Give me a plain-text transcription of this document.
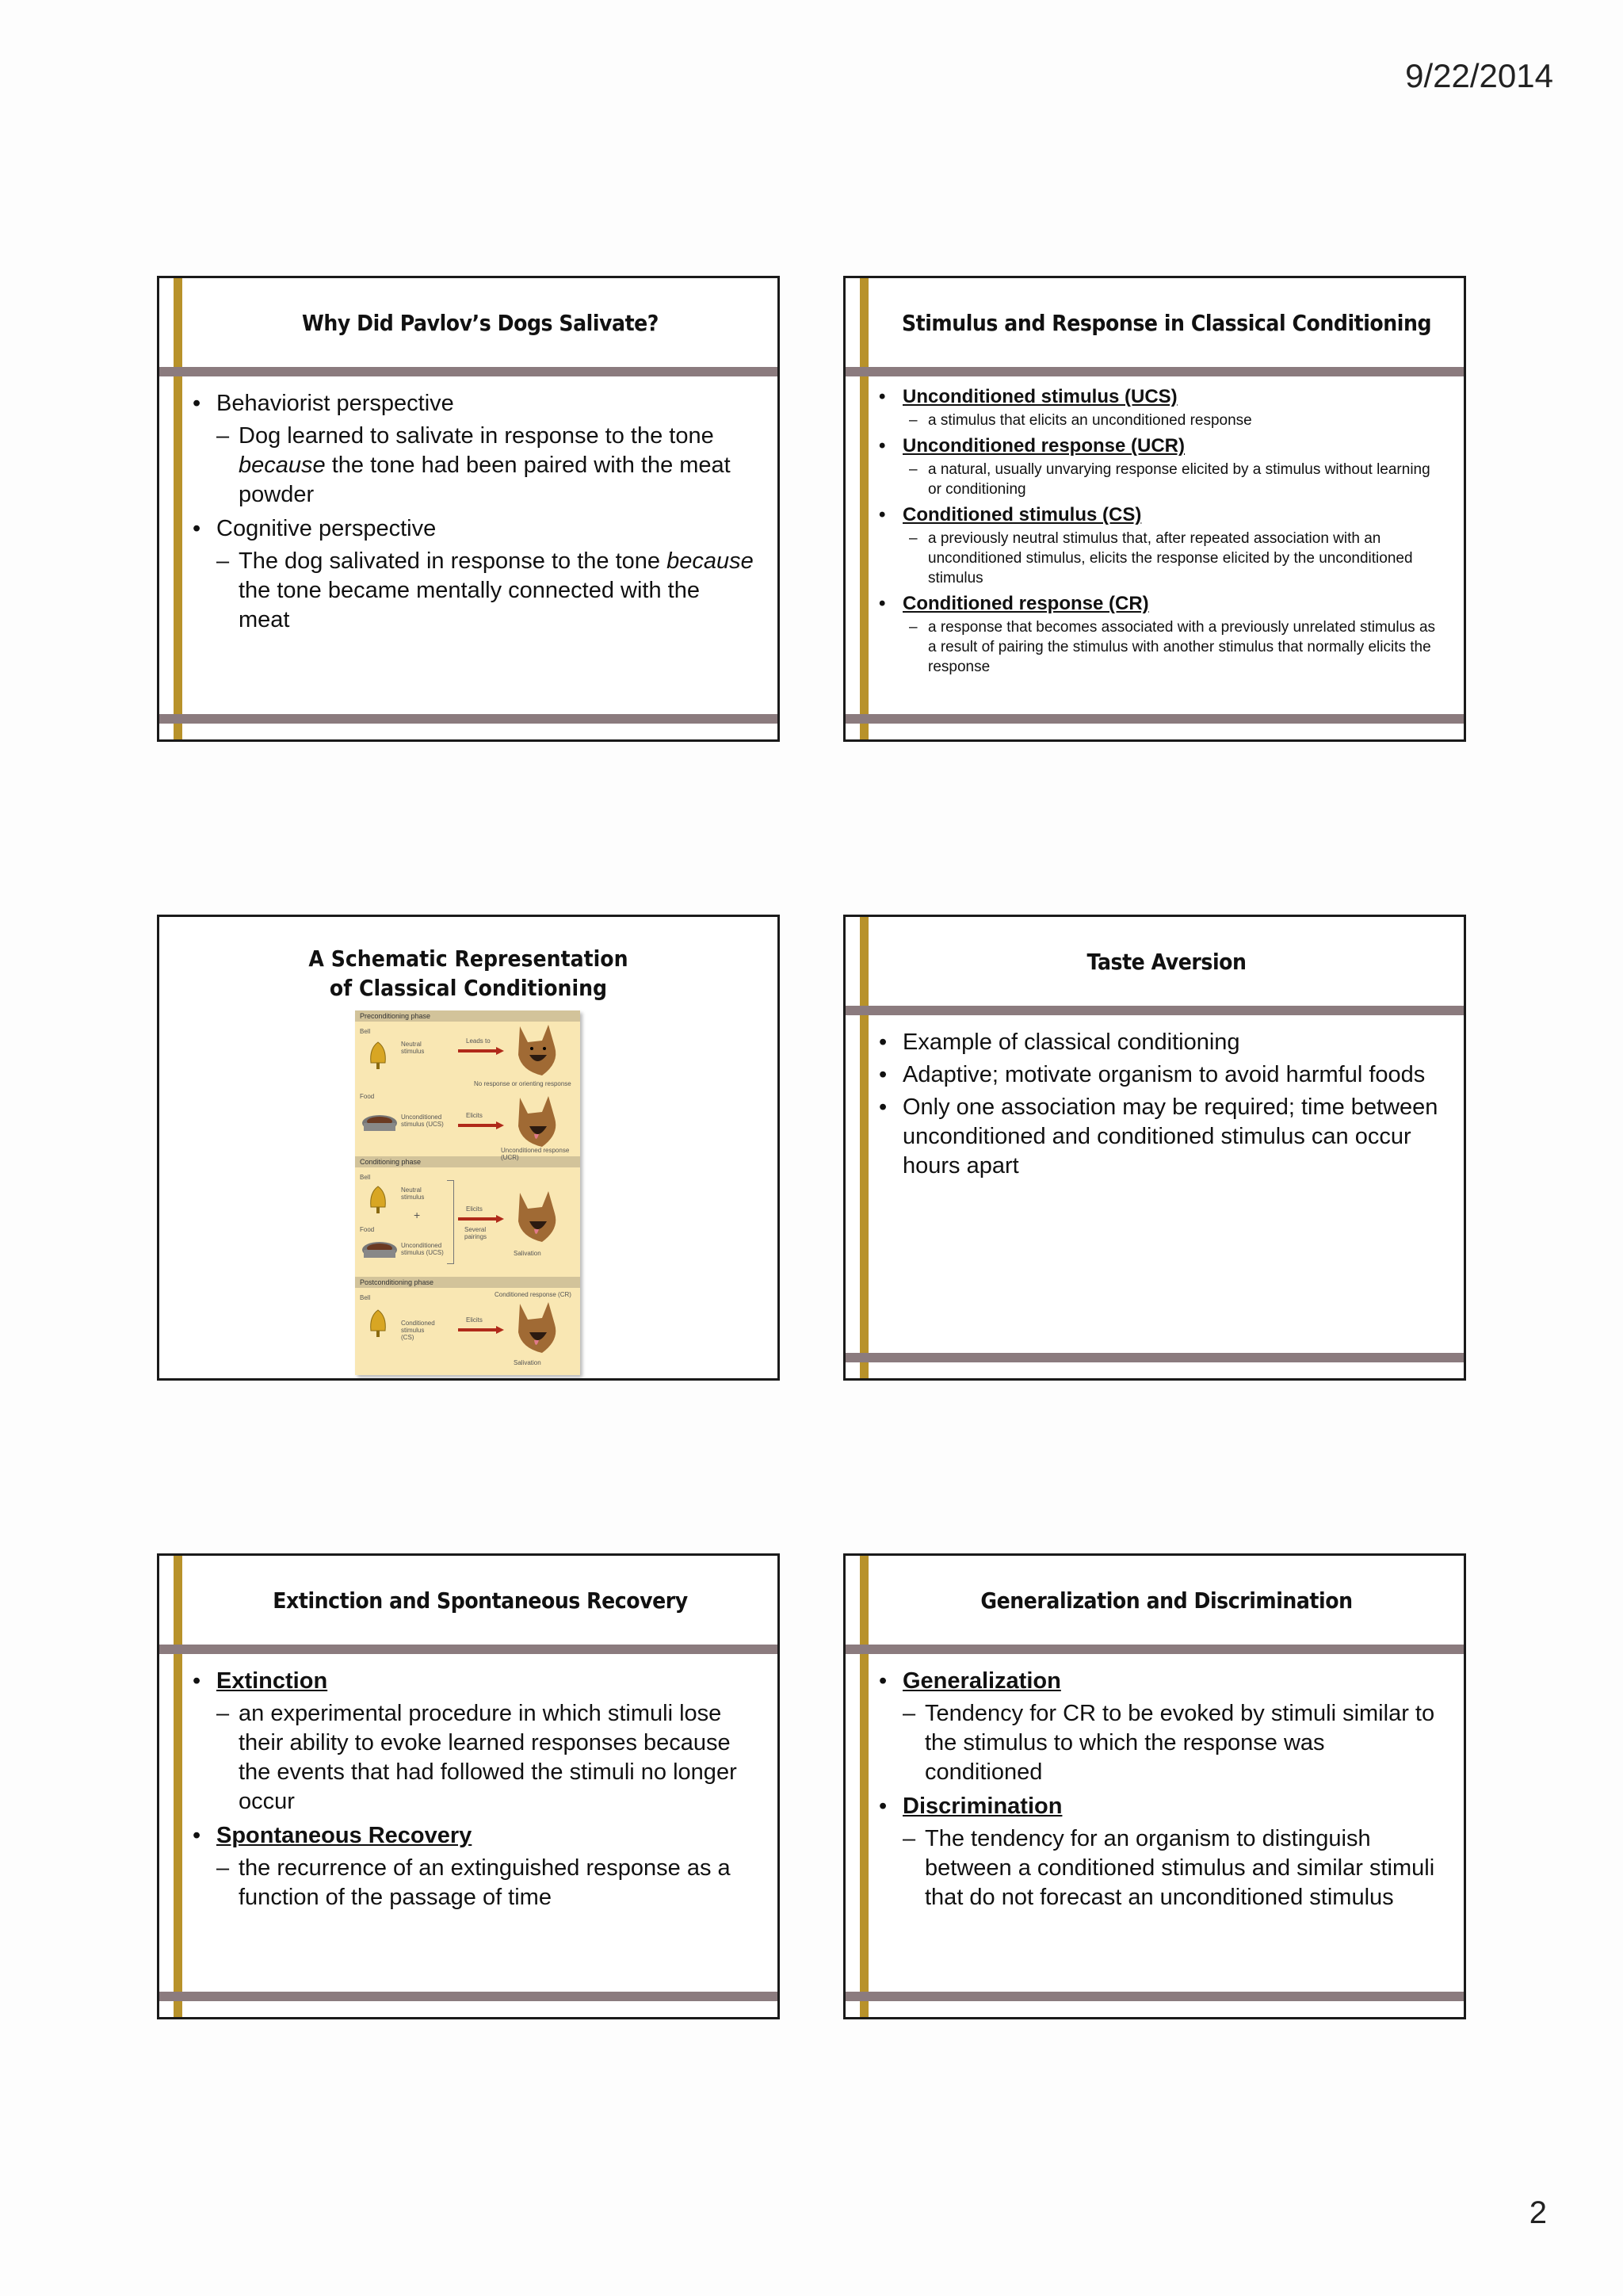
9/22/2014
Why Did Pavlov’s Dogs Salivate?
• Behaviorist perspective
– Dog learned to salivate in response to the tone because the tone had been paired with the meat powder
• Cognitive perspective
– The dog salivated in response to the tone because the tone became mentally connected with the meat
Stimulus and Response in Classical Conditioning
• Unconditioned stimulus (UCS)
– a stimulus that elicits an unconditioned response
• Unconditioned response (UCR)
– a natural, usually unvarying response elicited by a stimulus without learning or conditioning
• Conditioned stimulus (CS)
– a previously neutral stimulus that, after repeated association with an unconditioned stimulus, elicits the response elicited by the unconditioned stimulus
• Conditioned response (CR)
– a response that becomes associated with a previously unrelated stimulus as a result of pairing the stimulus with another stimulus that normally elicits the response
A Schematic Representation
of Classical Conditioning
Preconditioning phase
Conditioning phase
Postconditioning phase
Bell
Neutral stimulus
Leads to
No response or orienting response
Food
Unconditioned stimulus (UCS)
Elicits
Unconditioned response (UCR)
Bell
Neutral stimulus
+
Food
Unconditioned stimulus (UCS)
Elicits
Several pairings
Salivation
Bell	Conditioned response (CR)
Conditioned stimulus (CS)
Elicits
Salivation
Taste Aversion
• Example of classical conditioning
• Adaptive; motivate organism to avoid harmful foods
• Only one association may be required; time between unconditioned and conditioned stimulus can occur hours apart
Extinction and Spontaneous Recovery
• Extinction
– an experimental procedure in which stimuli lose their ability to evoke learned responses because the events that had followed the stimuli no longer occur
• Spontaneous Recovery
– the recurrence of an extinguished response as a function of the passage of time
Generalization and Discrimination
• Generalization
– Tendency for CR to be evoked by stimuli similar to the stimulus to which the response was conditioned
• Discrimination
– The tendency for an organism to distinguish between a conditioned stimulus and similar stimuli that do not forecast an unconditioned stimulus
2
